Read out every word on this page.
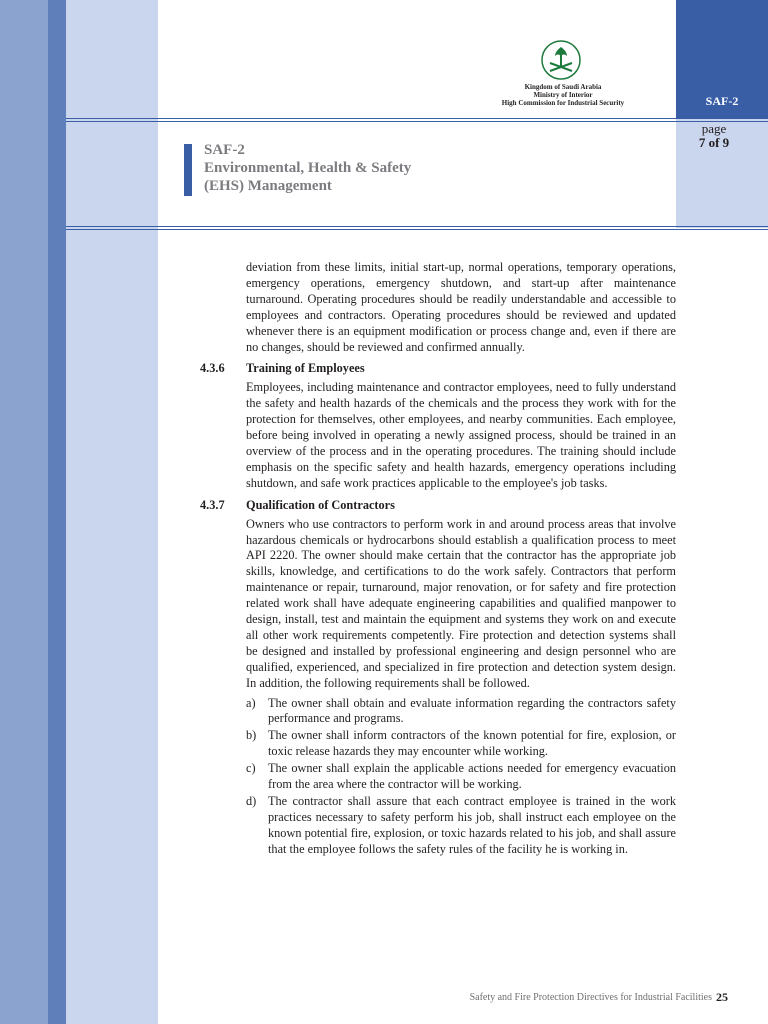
Kingdom of Saudi Arabia
Ministry of Interior
High Commission for Industrial Security	SAF-2
page
7 of 9
SAF-2
Environmental, Health & Safety
(EHS) Management
deviation from these limits, initial start-up, normal operations, temporary operations, emergency operations, emergency shutdown, and start-up after maintenance turnaround. Operating procedures should be readily understandable and accessible to employees and contractors. Operating procedures should be reviewed and updated whenever there is an equipment modification or process change and, even if there are no changes, should be reviewed and confirmed annually.
4.3.6	Training of Employees
Employees, including maintenance and contractor employees, need to fully understand the safety and health hazards of the chemicals and the process they work with for the protection for themselves, other employees, and nearby communities. Each employee, before being involved in operating a newly assigned process, should be trained in an overview of the process and in the operating procedures. The training should include emphasis on the specific safety and health hazards, emergency operations including shutdown, and safe work practices applicable to the employee's job tasks.
4.3.7	Qualification of Contractors
Owners who use contractors to perform work in and around process areas that involve hazardous chemicals or hydrocarbons should establish a qualification process to meet API 2220. The owner should make certain that the contractor has the appropriate job skills, knowledge, and certifications to do the work safely. Contractors that perform maintenance or repair, turnaround, major renovation, or for safety and fire protection related work shall have adequate engineering capabilities and qualified manpower to design, install, test and maintain the equipment and systems they work on and execute all other work requirements competently. Fire protection and detection systems shall be designed and installed by professional engineering and design personnel who are qualified, experienced, and specialized in fire protection and detection system design. In addition, the following requirements shall be followed.
a)	The owner shall obtain and evaluate information regarding the contractors safety performance and programs.
b) The owner shall inform contractors of the known potential for fire, explosion, or toxic release hazards they may encounter while working.
c)	The owner shall explain the applicable actions needed for emergency evacuation from the area where the contractor will be working.
d) The contractor shall assure that each contract employee is trained in the work practices necessary to safety perform his job, shall instruct each employee on the known potential fire, explosion, or toxic hazards related to his job, and shall assure that the employee follows the safety rules of the facility he is working in.
Safety and Fire Protection Directives for Industrial Facilities 25
